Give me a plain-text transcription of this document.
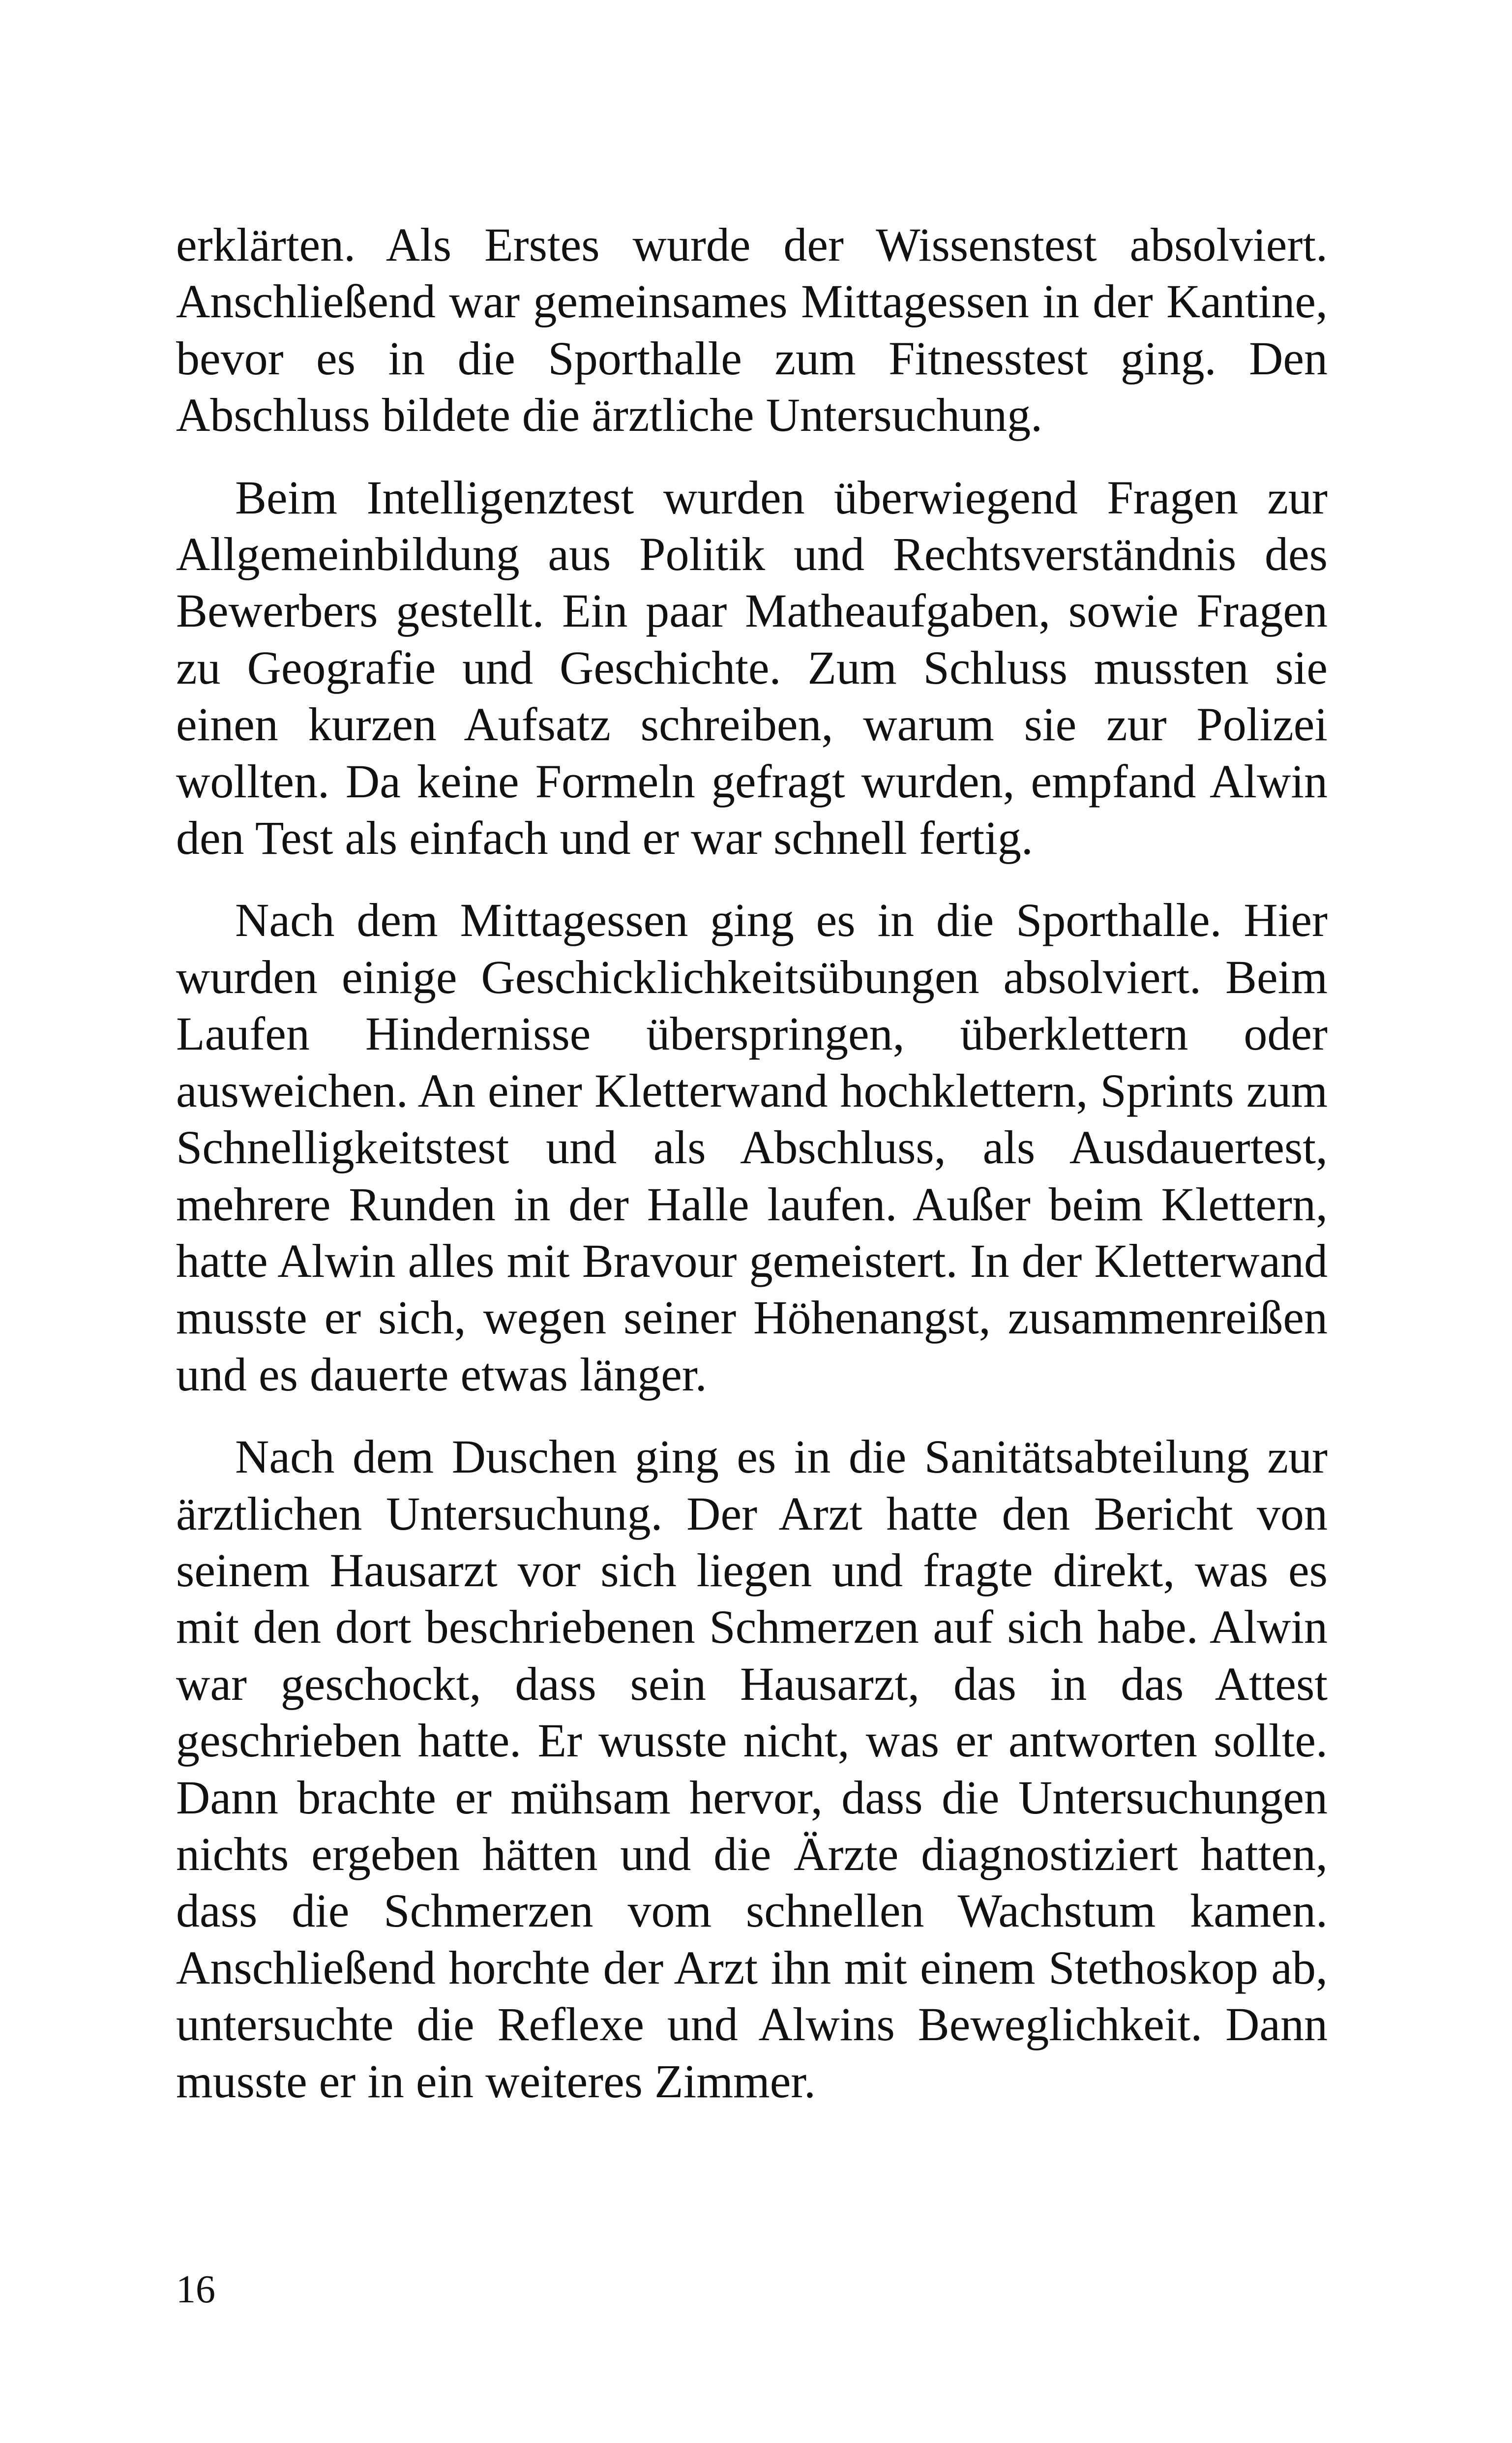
erklärten. Als Erstes wurde der Wissenstest absolviert. Anschließend war gemeinsames Mittagessen in der Kantine, bevor es in die Sporthalle zum Fitnesstest ging. Den Abschluss bildete die ärztliche Untersuchung.

Beim Intelligenztest wurden überwiegend Fragen zur Allgemeinbildung aus Politik und Rechtsverständnis des Bewerbers gestellt. Ein paar Matheaufgaben, sowie Fragen zu Geografie und Geschichte. Zum Schluss mussten sie einen kurzen Aufsatz schreiben, warum sie zur Polizei wollten. Da keine Formeln gefragt wurden, empfand Alwin den Test als einfach und er war schnell fertig.

Nach dem Mittagessen ging es in die Sporthalle. Hier wurden einige Geschicklichkeitsübungen absolviert. Beim Laufen Hindernisse überspringen, überklettern oder ausweichen. An einer Kletterwand hochklettern, Sprints zum Schnelligkeitstest und als Abschluss, als Ausdauertest, mehrere Runden in der Halle laufen. Außer beim Klettern, hatte Alwin alles mit Bravour gemeistert. In der Kletterwand musste er sich, wegen seiner Höhenangst, zusammenreißen und es dauerte etwas länger.

Nach dem Duschen ging es in die Sanitätsabteilung zur ärztlichen Untersuchung. Der Arzt hatte den Bericht von seinem Hausarzt vor sich liegen und fragte direkt, was es mit den dort beschriebenen Schmerzen auf sich habe. Alwin war geschockt, dass sein Hausarzt, das in das Attest geschrieben hatte. Er wusste nicht, was er antworten sollte. Dann brachte er mühsam hervor, dass die Untersuchungen nichts ergeben hätten und die Ärzte diagnostiziert hatten, dass die Schmerzen vom schnellen Wachstum kamen. Anschließend horchte der Arzt ihn mit einem Stethoskop ab, untersuchte die Reflexe und Alwins Beweglichkeit. Dann musste er in ein weiteres Zimmer.

16
